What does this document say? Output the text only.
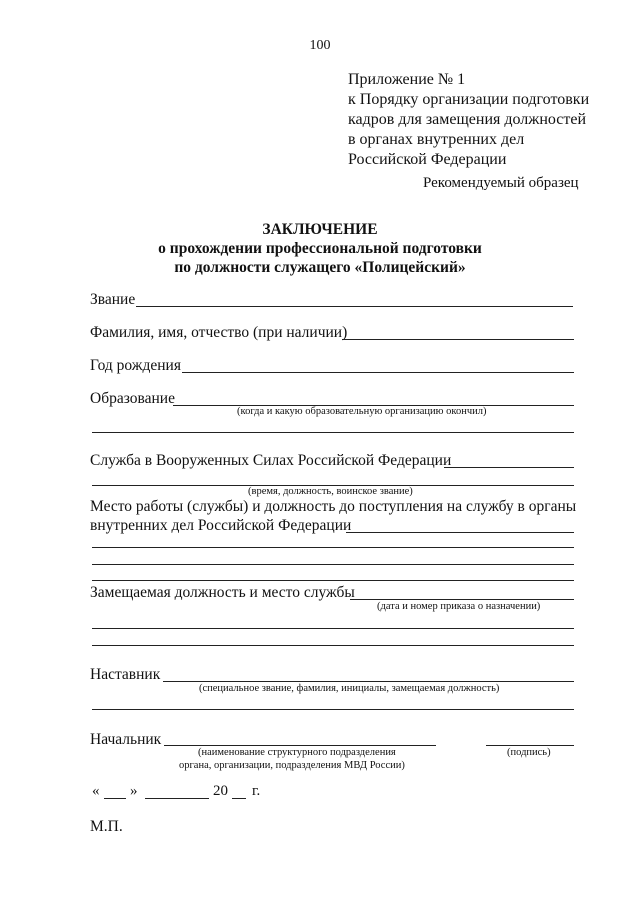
100
Приложение № 1
к Порядку организации подготовки
кадров для замещения должностей
в органах внутренних дел
Российской Федерации
Рекомендуемый образец
ЗАКЛЮЧЕНИЕ
о прохождении профессиональной подготовки
по должности служащего «Полицейский»
Звание
Фамилия, имя, отчество (при наличии)
Год рождения
Образование
(когда и какую образовательную организацию окончил)
Служба в Вооруженных Силах Российской Федерации
(время, должность, воинское звание)
Место работы (службы) и должность до поступления на службу в органы
внутренних дел Российской Федерации
Замещаемая должность и место службы
(дата и номер приказа о назначении)
Наставник
(специальное звание, фамилия, инициалы, замещаемая должность)
Начальник
(наименование структурного подразделения
органа, организации, подразделения МВД России)
(подпись)
« »	20 г.
М.П.
